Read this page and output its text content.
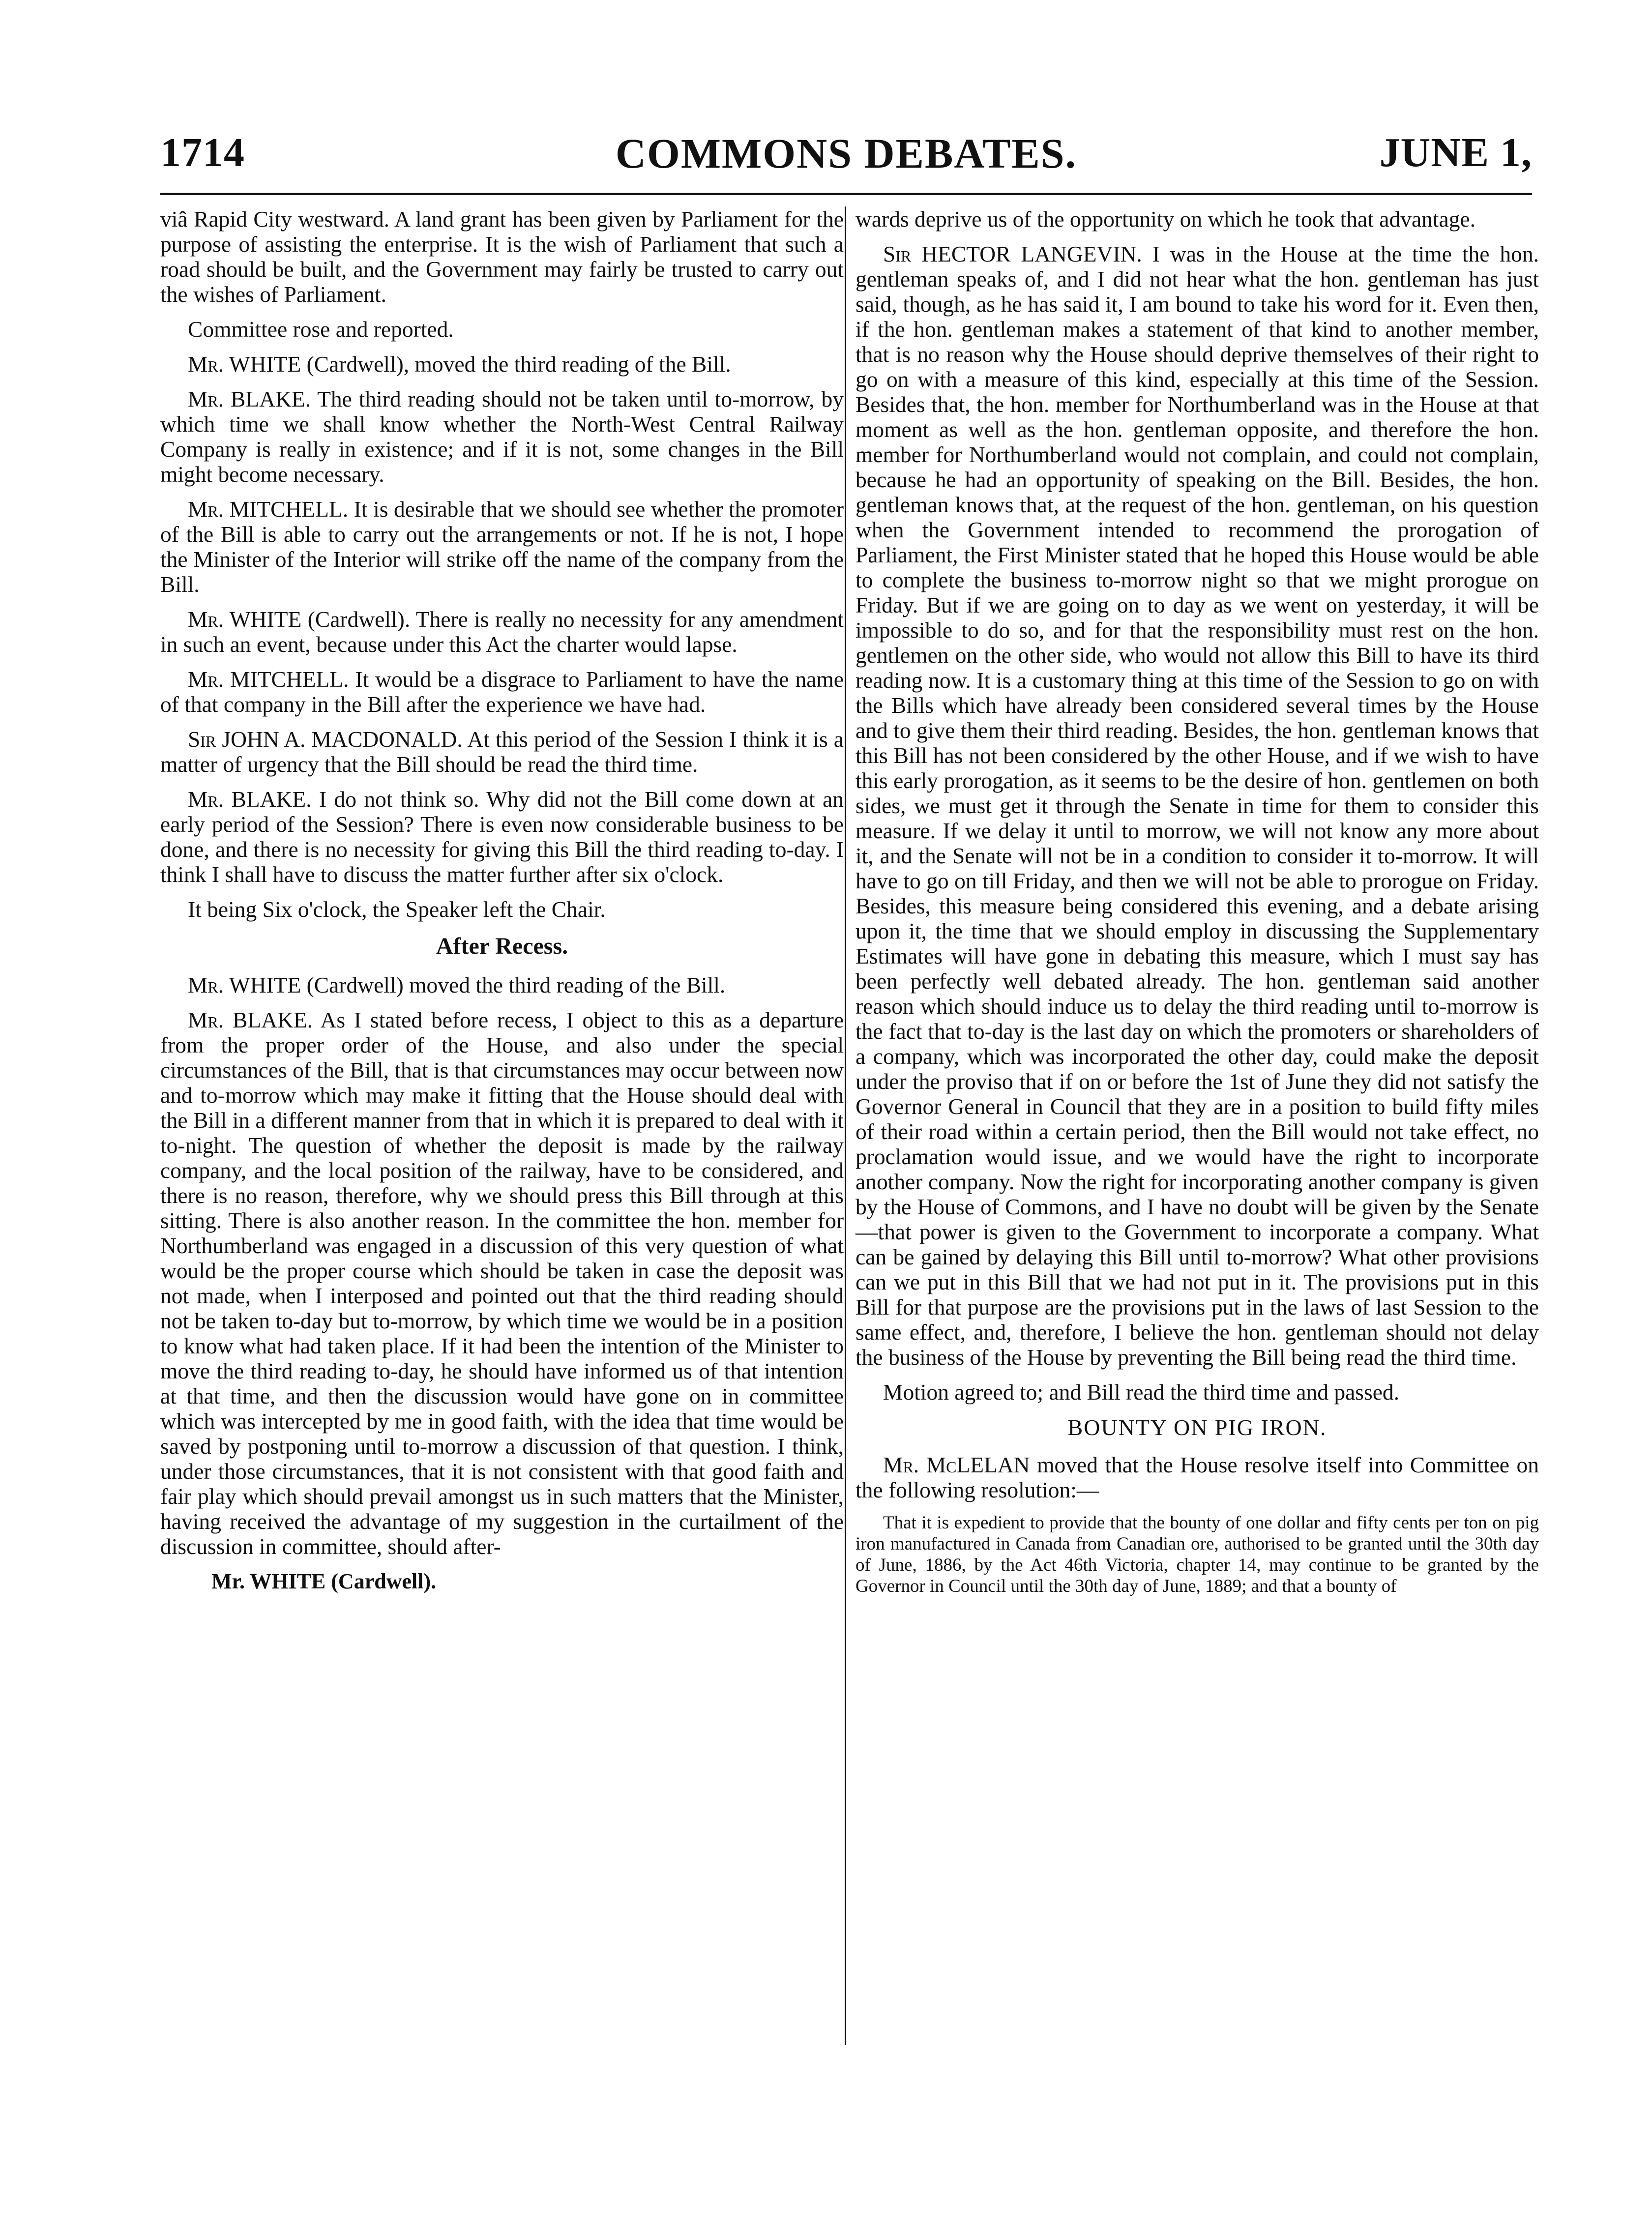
1714	COMMONS DEBATES.	JUNE 1,

viâ Rapid City westward. A land grant has been given by Parliament for the purpose of assisting the enterprise. It is the wish of Parliament that such a road should be built, and the Government may fairly be trusted to carry out the wishes of Parliament.

Committee rose and reported.

Mr. WHITE (Cardwell), moved the third reading of the Bill.

Mr. BLAKE. The third reading should not be taken until to-morrow, by which time we shall know whether the North-West Central Railway Company is really in existence; and if it is not, some changes in the Bill might become necessary.

Mr. MITCHELL. It is desirable that we should see whether the promoter of the Bill is able to carry out the arrangements or not. If he is not, I hope the Minister of the Interior will strike off the name of the company from the Bill.

Mr. WHITE (Cardwell). There is really no necessity for any amendment in such an event, because under this Act the charter would lapse.

Mr. MITCHELL. It would be a disgrace to Parliament to have the name of that company in the Bill after the experience we have had.

Sir JOHN A. MACDONALD. At this period of the Session I think it is a matter of urgency that the Bill should be read the third time.

Mr. BLAKE. I do not think so. Why did not the Bill come down at an early period of the Session? There is even now considerable business to be done, and there is no necessity for giving this Bill the third reading to-day. I think I shall have to discuss the matter further after six o'clock.

It being Six o'clock, the Speaker left the Chair.

After Recess.

Mr. WHITE (Cardwell) moved the third reading of the Bill.

Mr. BLAKE. As I stated before recess, I object to this as a departure from the proper order of the House, and also under the special circumstances of the Bill, that is that circumstances may occur between now and to-morrow which may make it fitting that the House should deal with the Bill in a different manner from that in which it is prepared to deal with it to-night. The question of whether the deposit is made by the railway company, and the local position of the railway, have to be considered, and there is no reason, therefore, why we should press this Bill through at this sitting. There is also another reason. In the committee the hon. member for Northumberland was engaged in a discussion of this very question of what would be the proper course which should be taken in case the deposit was not made, when I interposed and pointed out that the third reading should not be taken to-day but to-morrow, by which time we would be in a position to know what had taken place. If it had been the intention of the Minister to move the third reading to-day, he should have informed us of that intention at that time, and then the discussion would have gone on in committee which was intercepted by me in good faith, with the idea that time would be saved by postponing until to-morrow a discussion of that question. I think, under those circumstances, that it is not consistent with that good faith and fair play which should prevail amongst us in such matters that the Minister, having received the advantage of my suggestion in the curtailment of the discussion in committee, should after-

Mr. WHITE (Cardwell).

wards deprive us of the opportunity on which he took that advantage.

Sir HECTOR LANGEVIN. I was in the House at the time the hon. gentleman speaks of, and I did not hear what the hon. gentleman has just said, though, as he has said it, I am bound to take his word for it. Even then, if the hon. gentleman makes a statement of that kind to another member, that is no reason why the House should deprive themselves of their right to go on with a measure of this kind, especially at this time of the Session. Besides that, the hon. member for Northumberland was in the House at that moment as well as the hon. gentleman opposite, and therefore the hon. member for Northumberland would not complain, and could not complain, because he had an opportunity of speaking on the Bill. Besides, the hon. gentleman knows that, at the request of the hon. gentleman, on his question when the Government intended to recommend the prorogation of Parliament, the First Minister stated that he hoped this House would be able to complete the business to-morrow night so that we might prorogue on Friday. But if we are going on to day as we went on yesterday, it will be impossible to do so, and for that the responsibility must rest on the hon. gentlemen on the other side, who would not allow this Bill to have its third reading now. It is a customary thing at this time of the Session to go on with the Bills which have already been considered several times by the House and to give them their third reading. Besides, the hon. gentleman knows that this Bill has not been considered by the other House, and if we wish to have this early prorogation, as it seems to be the desire of hon. gentlemen on both sides, we must get it through the Senate in time for them to consider this measure. If we delay it until to morrow, we will not know any more about it, and the Senate will not be in a condition to consider it to-morrow. It will have to go on till Friday, and then we will not be able to prorogue on Friday. Besides, this measure being considered this evening, and a debate arising upon it, the time that we should employ in discussing the Supplementary Estimates will have gone in debating this measure, which I must say has been perfectly well debated already. The hon. gentleman said another reason which should induce us to delay the third reading until to-morrow is the fact that to-day is the last day on which the promoters or shareholders of a company, which was incorporated the other day, could make the deposit under the proviso that if on or before the 1st of June they did not satisfy the Governor General in Council that they are in a position to build fifty miles of their road within a certain period, then the Bill would not take effect, no proclamation would issue, and we would have the right to incorporate another company. Now the right for incorporating another company is given by the House of Commons, and I have no doubt will be given by the Senate—that power is given to the Government to incorporate a company. What can be gained by delaying this Bill until to-morrow? What other provisions can we put in this Bill that we had not put in it. The provisions put in this Bill for that purpose are the provisions put in the laws of last Session to the same effect, and, therefore, I believe the hon. gentleman should not delay the business of the House by preventing the Bill being read the third time.

Motion agreed to; and Bill read the third time and passed.

BOUNTY ON PIG IRON.

Mr. McLELAN moved that the House resolve itself into Committee on the following resolution:—

That it is expedient to provide that the bounty of one dollar and fifty cents per ton on pig iron manufactured in Canada from Canadian ore, authorised to be granted until the 30th day of June, 1886, by the Act 46th Victoria, chapter 14, may continue to be granted by the Governor in Council until the 30th day of June, 1889; and that a bounty of
